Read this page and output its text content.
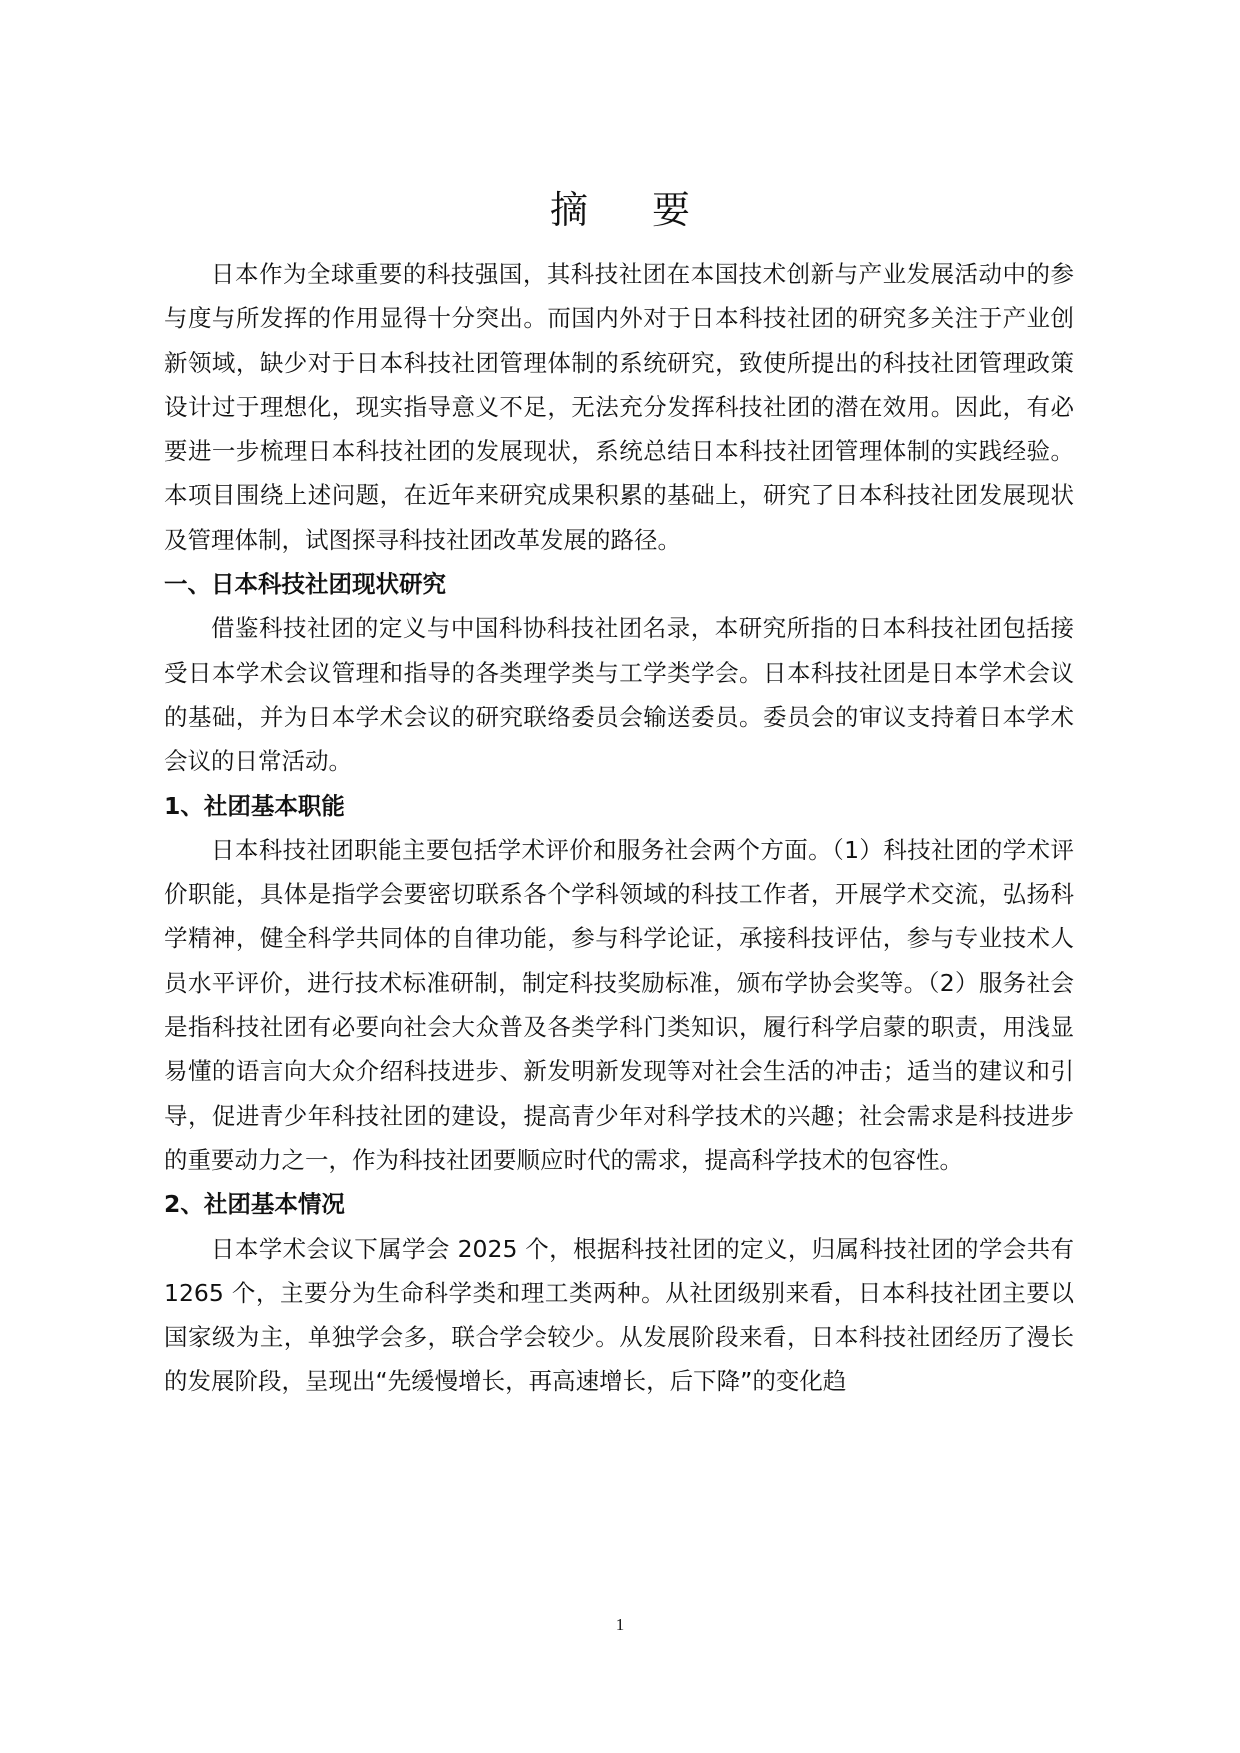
摘 要

日本作为全球重要的科技强国，其科技社团在本国技术创新与产业发展活动中的参与度与所发挥的作用显得十分突出。而国内外对于日本科技社团的研究多关注于产业创新领域，缺少对于日本科技社团管理体制的系统研究，致使所提出的科技社团管理政策设计过于理想化，现实指导意义不足，无法充分发挥科技社团的潜在效用。因此，有必要进一步梳理日本科技社团的发展现状，系统总结日本科技社团管理体制的实践经验。本项目围绕上述问题，在近年来研究成果积累的基础上，研究了日本科技社团发展现状及管理体制，试图探寻科技社团改革发展的路径。

一、日本科技社团现状研究

借鉴科技社团的定义与中国科协科技社团名录，本研究所指的日本科技社团包括接受日本学术会议管理和指导的各类理学类与工学类学会。日本科技社团是日本学术会议的基础，并为日本学术会议的研究联络委员会输送委员。委员会的审议支持着日本学术会议的日常活动。

1、社团基本职能

日本科技社团职能主要包括学术评价和服务社会两个方面。（1）科技社团的学术评价职能，具体是指学会要密切联系各个学科领域的科技工作者，开展学术交流，弘扬科学精神，健全科学共同体的自律功能，参与科学论证，承接科技评估，参与专业技术人员水平评价，进行技术标准研制，制定科技奖励标准，颁布学协会奖等。（2）服务社会是指科技社团有必要向社会大众普及各类学科门类知识，履行科学启蒙的职责，用浅显易懂的语言向大众介绍科技进步、新发明新发现等对社会生活的冲击；适当的建议和引导，促进青少年科技社团的建设，提高青少年对科学技术的兴趣；社会需求是科技进步的重要动力之一，作为科技社团要顺应时代的需求，提高科学技术的包容性。

2、社团基本情况

日本学术会议下属学会 2025 个，根据科技社团的定义，归属科技社团的学会共有 1265 个，主要分为生命科学类和理工类两种。从社团级别来看，日本科技社团主要以国家级为主，单独学会多，联合学会较少。从发展阶段来看，日本科技社团经历了漫长的发展阶段，呈现出“先缓慢增长，再高速增长，后下降”的变化趋

1
